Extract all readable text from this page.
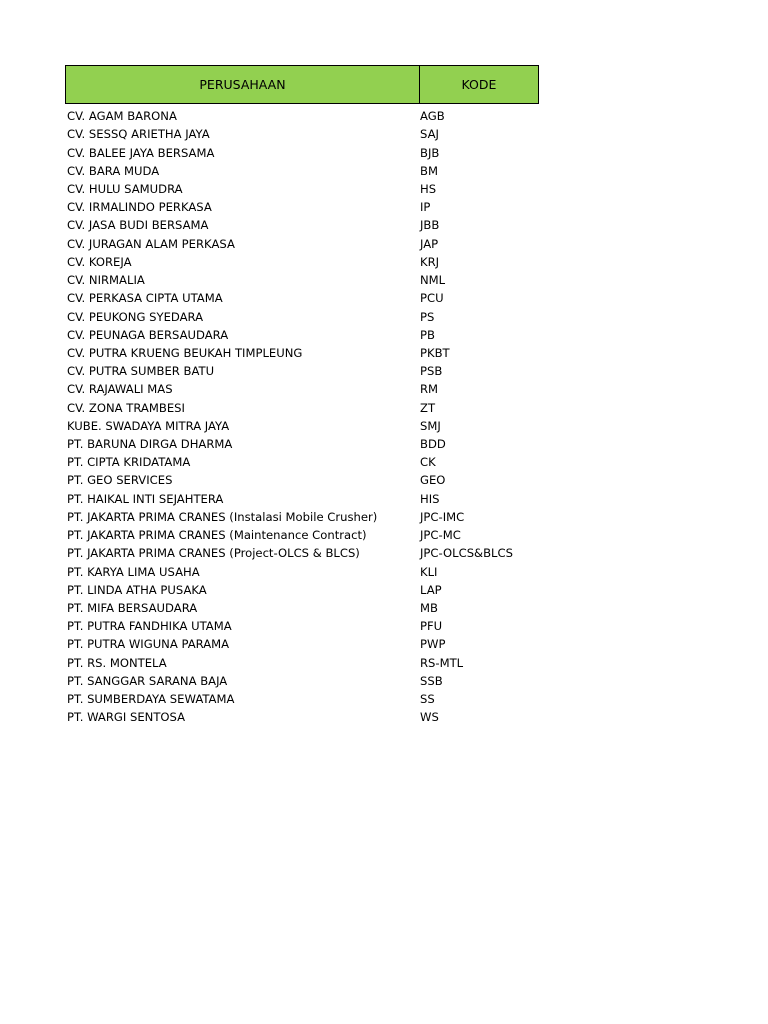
PERUSAHAAN	KODE
CV. AGAM BARONA	AGB
CV. SESSQ ARIETHA JAYA	SAJ
CV. BALEE JAYA BERSAMA	BJB
CV. BARA MUDA	BM
CV. HULU SAMUDRA	HS
CV. IRMALINDO PERKASA	IP
CV. JASA BUDI BERSAMA	JBB
CV. JURAGAN ALAM PERKASA	JAP
CV. KOREJA	KRJ
CV. NIRMALIA	NML
CV. PERKASA CIPTA UTAMA	PCU
CV. PEUKONG SYEDARA	PS
CV. PEUNAGA BERSAUDARA	PB
CV. PUTRA KRUENG BEUKAH TIMPLEUNG	PKBT
CV. PUTRA SUMBER BATU	PSB
CV. RAJAWALI MAS	RM
CV. ZONA TRAMBESI	ZT
KUBE. SWADAYA MITRA JAYA	SMJ
PT. BARUNA DIRGA DHARMA	BDD
PT. CIPTA KRIDATAMA	CK
PT. GEO SERVICES	GEO
PT. HAIKAL INTI SEJAHTERA	HIS
PT. JAKARTA PRIMA CRANES (Instalasi Mobile Crusher)	JPC-IMC
PT. JAKARTA PRIMA CRANES (Maintenance Contract)	JPC-MC
PT. JAKARTA PRIMA CRANES (Project-OLCS & BLCS)	JPC-OLCS&BLCS
PT. KARYA LIMA USAHA	KLI
PT. LINDA ATHA PUSAKA	LAP
PT. MIFA BERSAUDARA	MB
PT. PUTRA FANDHIKA UTAMA	PFU
PT. PUTRA WIGUNA PARAMA	PWP
PT. RS. MONTELA	RS-MTL
PT. SANGGAR SARANA BAJA	SSB
PT. SUMBERDAYA SEWATAMA	SS
PT. WARGI SENTOSA	WS
